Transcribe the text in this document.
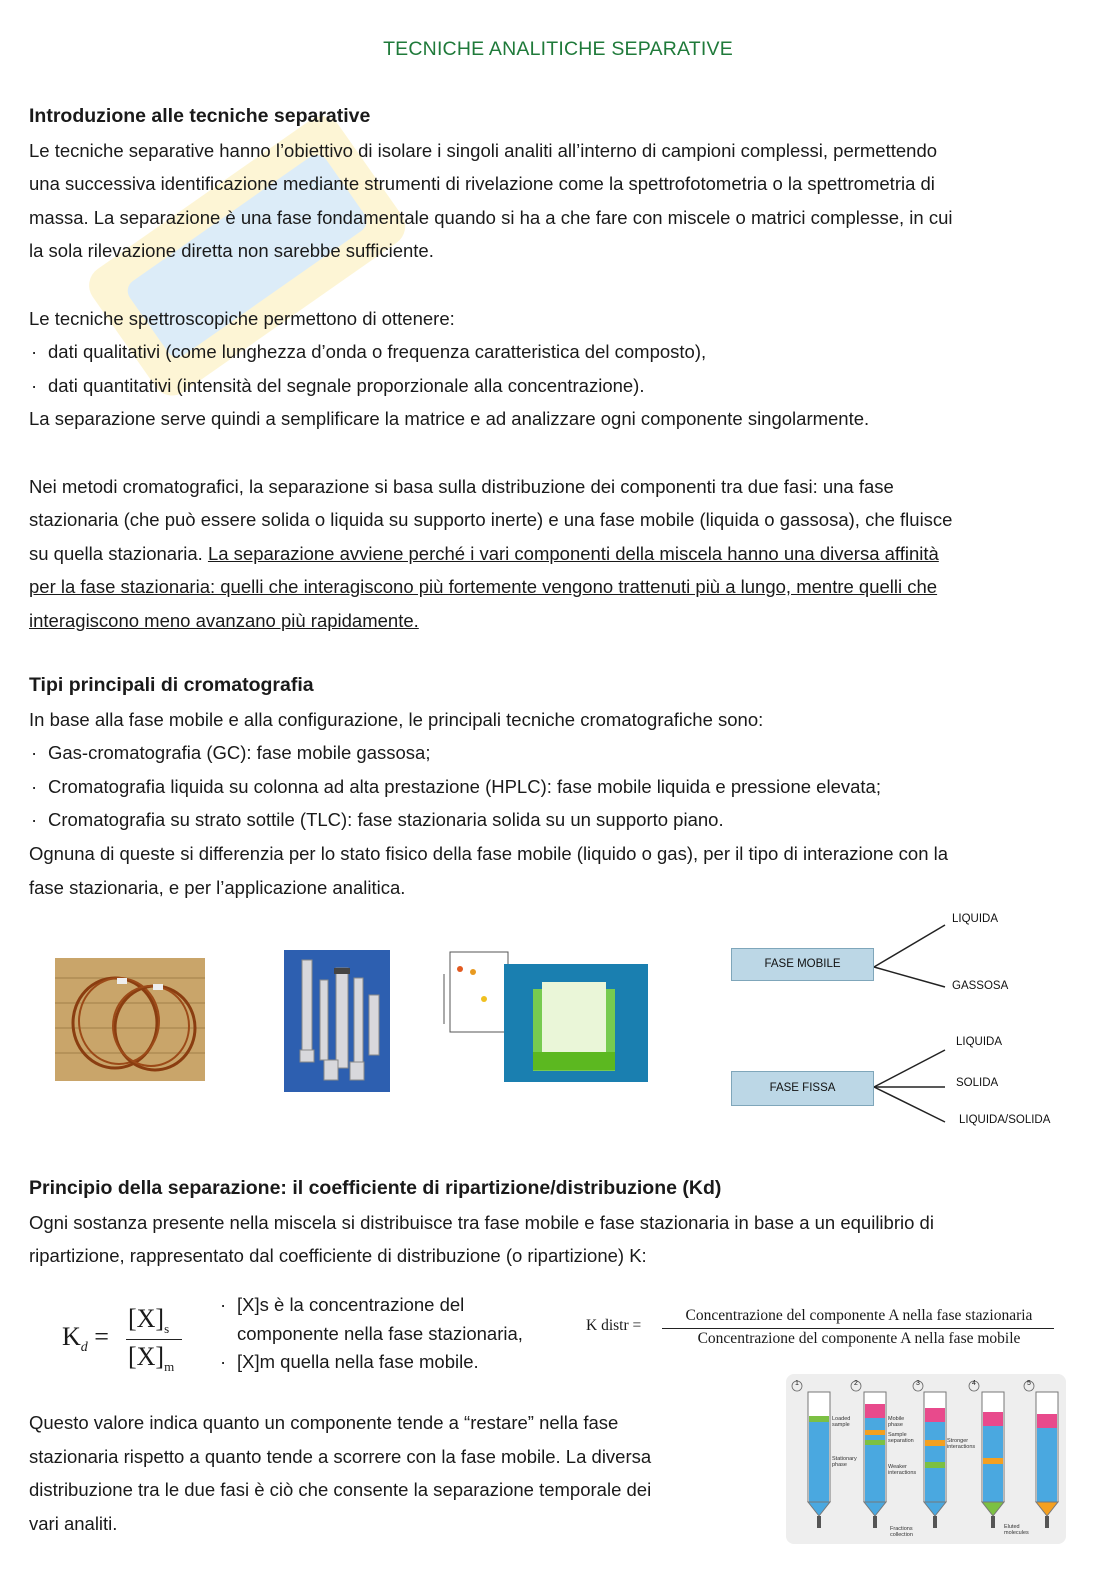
TECNICHE ANALITICHE SEPARATIVE
Introduzione alle tecniche separative
Le tecniche separative hanno l’obiettivo di isolare i singoli analiti all’interno di campioni complessi, permettendo
una successiva identificazione mediante strumenti di rivelazione come la spettrofotometria o la spettrometria di
massa. La separazione è una fase fondamentale quando si ha a che fare con miscele o matrici complesse, in cui
la sola rilevazione diretta non sarebbe sufficiente.

Le tecniche spettroscopiche permettono di ottenere:
· dati qualitativi (come lunghezza d’onda o frequenza caratteristica del composto),
· dati quantitativi (intensità del segnale proporzionale alla concentrazione).
La separazione serve quindi a semplificare la matrice e ad analizzare ogni componente singolarmente.

Nei metodi cromatografici, la separazione si basa sulla distribuzione dei componenti tra due fasi: una fase
stazionaria (che può essere solida o liquida su supporto inerte) e una fase mobile (liquida o gassosa), che fluisce
su quella stazionaria. La separazione avviene perché i vari componenti della miscela hanno una diversa affinità
per la fase stazionaria: quelli che interagiscono più fortemente vengono trattenuti più a lungo, mentre quelli che
interagiscono meno avanzano più rapidamente.
Tipi principali di cromatografia
In base alla fase mobile e alla configurazione, le principali tecniche cromatografiche sono:
· Gas-cromatografia (GC): fase mobile gassosa;
· Cromatografia liquida su colonna ad alta prestazione (HPLC): fase mobile liquida e pressione elevata;
· Cromatografia su strato sottile (TLC): fase stazionaria solida su un supporto piano.
Ognuna di queste si differenzia per lo stato fisico della fase mobile (liquido o gas), per il tipo di interazione con la
fase stazionaria, e per l’applicazione analitica.
FASE MOBILE
FASE FISSA
LIQUIDA
GASSOSA
LIQUIDA
SOLIDA
LIQUIDA/SOLIDA
Principio della separazione: il coefficiente di ripartizione/distribuzione (Kd)
Ogni sostanza presente nella miscela si distribuisce tra fase mobile e fase stazionaria in base a un equilibrio di
ripartizione, rappresentato dal coefficiente di distribuzione (o ripartizione) K:
$K_d$ =
$[X]_s$
$[X]_m$
· [X]s è la concentrazione del
componente nella fase stazionaria,
· [X]m quella nella fase mobile.
K distr =
Concentrazione del componente A nella fase stazionaria
Concentrazione del componente A nella fase mobile
Questo valore indica quanto un componente tende a “restare” nella fase
stazionaria rispetto a quanto tende a scorrere con la fase mobile. La diversa
distribuzione tra le due fasi è ciò che consente la separazione temporale dei
vari analiti.
1	2	3	4	5
Loaded sample
Stationary phase
Mobile phase
Sample separation
Weaker interactions
Stronger interactions
Fractions collection
Eluted molecules
